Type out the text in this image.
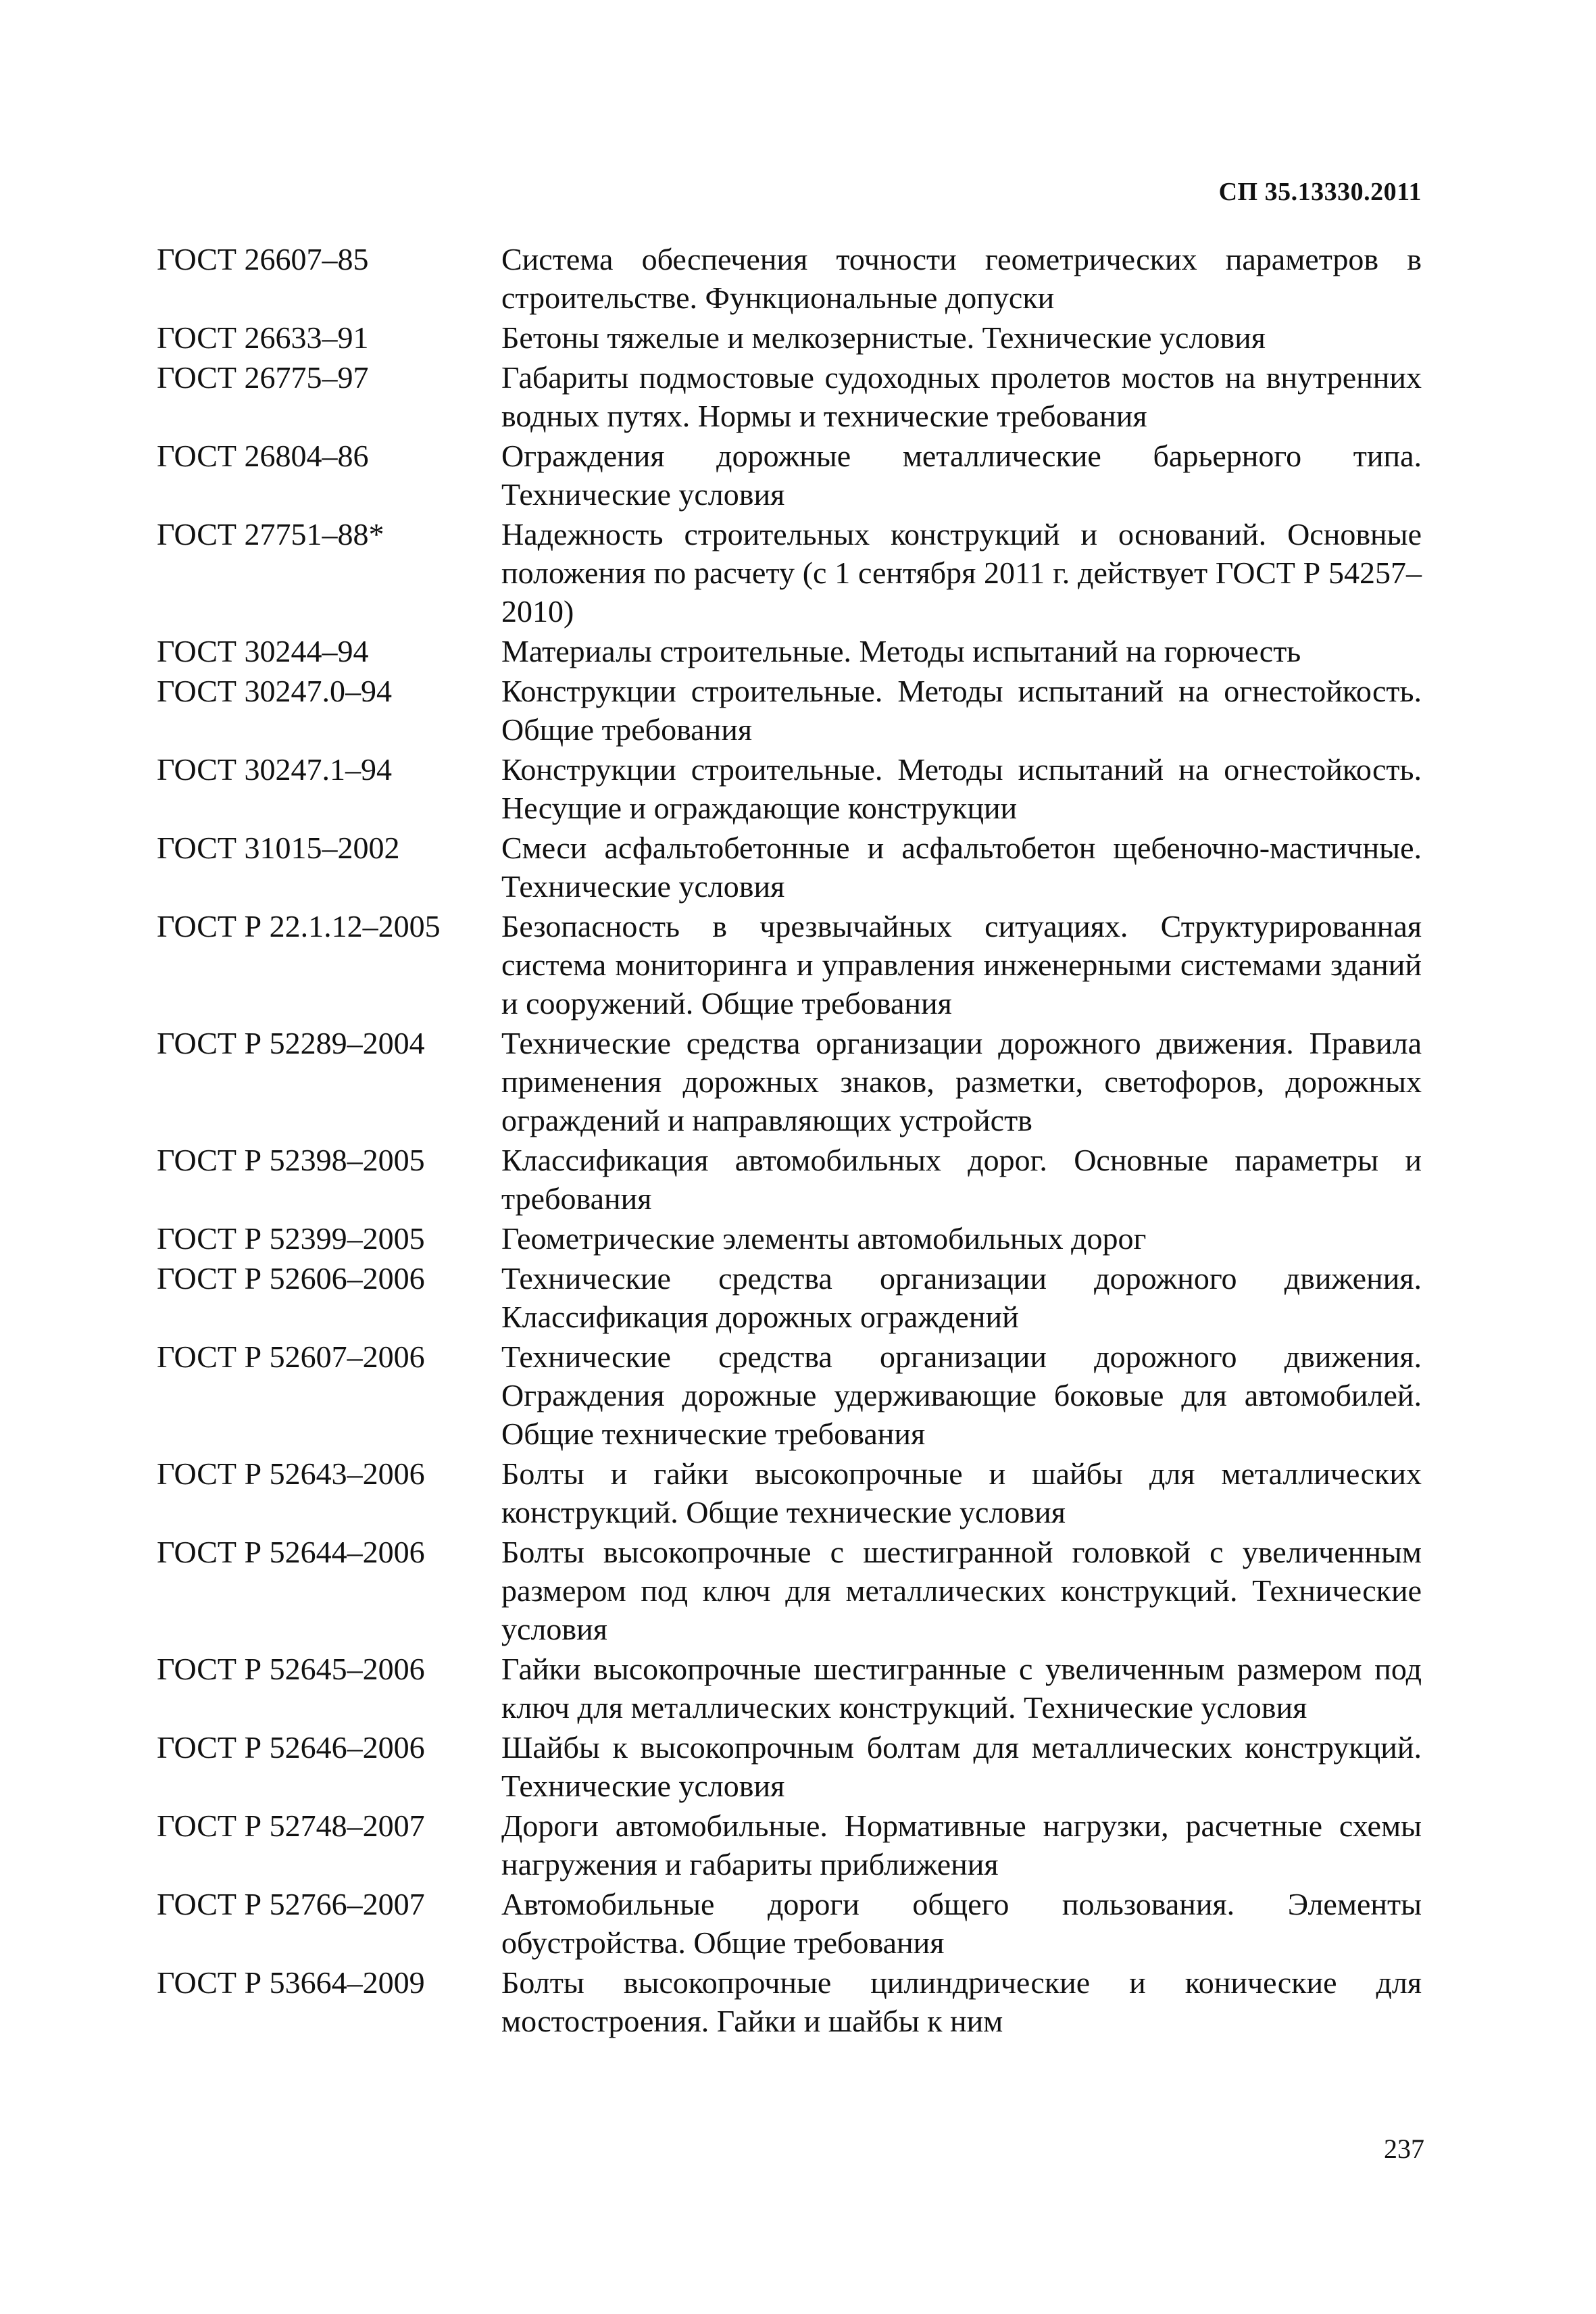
СП 35.13330.2011
ГОСТ 26607–85	Система обеспечения точности геометрических параметров в строительстве. Функциональные допуски
ГОСТ 26633–91	Бетоны тяжелые и мелкозернистые. Технические условия
ГОСТ 26775–97	Габариты подмостовые судоходных пролетов мостов на внутренних водных путях. Нормы и технические требования
ГОСТ 26804–86	Ограждения дорожные металлические барьерного типа. Технические условия
ГОСТ 27751–88*	Надежность строительных конструкций и оснований. Основные положения по расчету (с 1 сентября 2011 г. действует ГОСТ Р 54257–2010)
ГОСТ 30244–94	Материалы строительные. Методы испытаний на горючесть
ГОСТ 30247.0–94	Конструкции строительные. Методы испытаний на огнестойкость. Общие требования
ГОСТ 30247.1–94	Конструкции строительные. Методы испытаний на огнестойкость. Несущие и ограждающие конструкции
ГОСТ 31015–2002	Смеси асфальтобетонные и асфальтобетон щебеночно-мастичные. Технические условия
ГОСТ Р 22.1.12–2005	Безопасность в чрезвычайных ситуациях. Структурированная система мониторинга и управления инженерными системами зданий и сооружений. Общие требования
ГОСТ Р 52289–2004	Технические средства организации дорожного движения. Правила применения дорожных знаков, разметки, светофоров, дорожных ограждений и направляющих устройств
ГОСТ Р 52398–2005	Классификация автомобильных дорог. Основные параметры и требования
ГОСТ Р 52399–2005	Геометрические элементы автомобильных дорог
ГОСТ Р 52606–2006	Технические средства организации дорожного движения. Классификация дорожных ограждений
ГОСТ Р 52607–2006	Технические средства организации дорожного движения. Ограждения дорожные удерживающие боковые для автомобилей. Общие технические требования
ГОСТ Р 52643–2006	Болты и гайки высокопрочные и шайбы для металлических конструкций. Общие технические условия
ГОСТ Р 52644–2006	Болты высокопрочные с шестигранной головкой с увеличенным размером под ключ для металлических конструкций. Технические условия
ГОСТ Р 52645–2006	Гайки высокопрочные шестигранные с увеличенным размером под ключ для металлических конструкций. Технические условия
ГОСТ Р 52646–2006	Шайбы к высокопрочным болтам для металлических конструкций. Технические условия
ГОСТ Р 52748–2007	Дороги автомобильные. Нормативные нагрузки, расчетные схемы нагружения и габариты приближения
ГОСТ Р 52766–2007	Автомобильные дороги общего пользования. Элементы обустройства. Общие требования
ГОСТ Р 53664–2009	Болты высокопрочные цилиндрические и конические для мостостроения. Гайки и шайбы к ним
237
